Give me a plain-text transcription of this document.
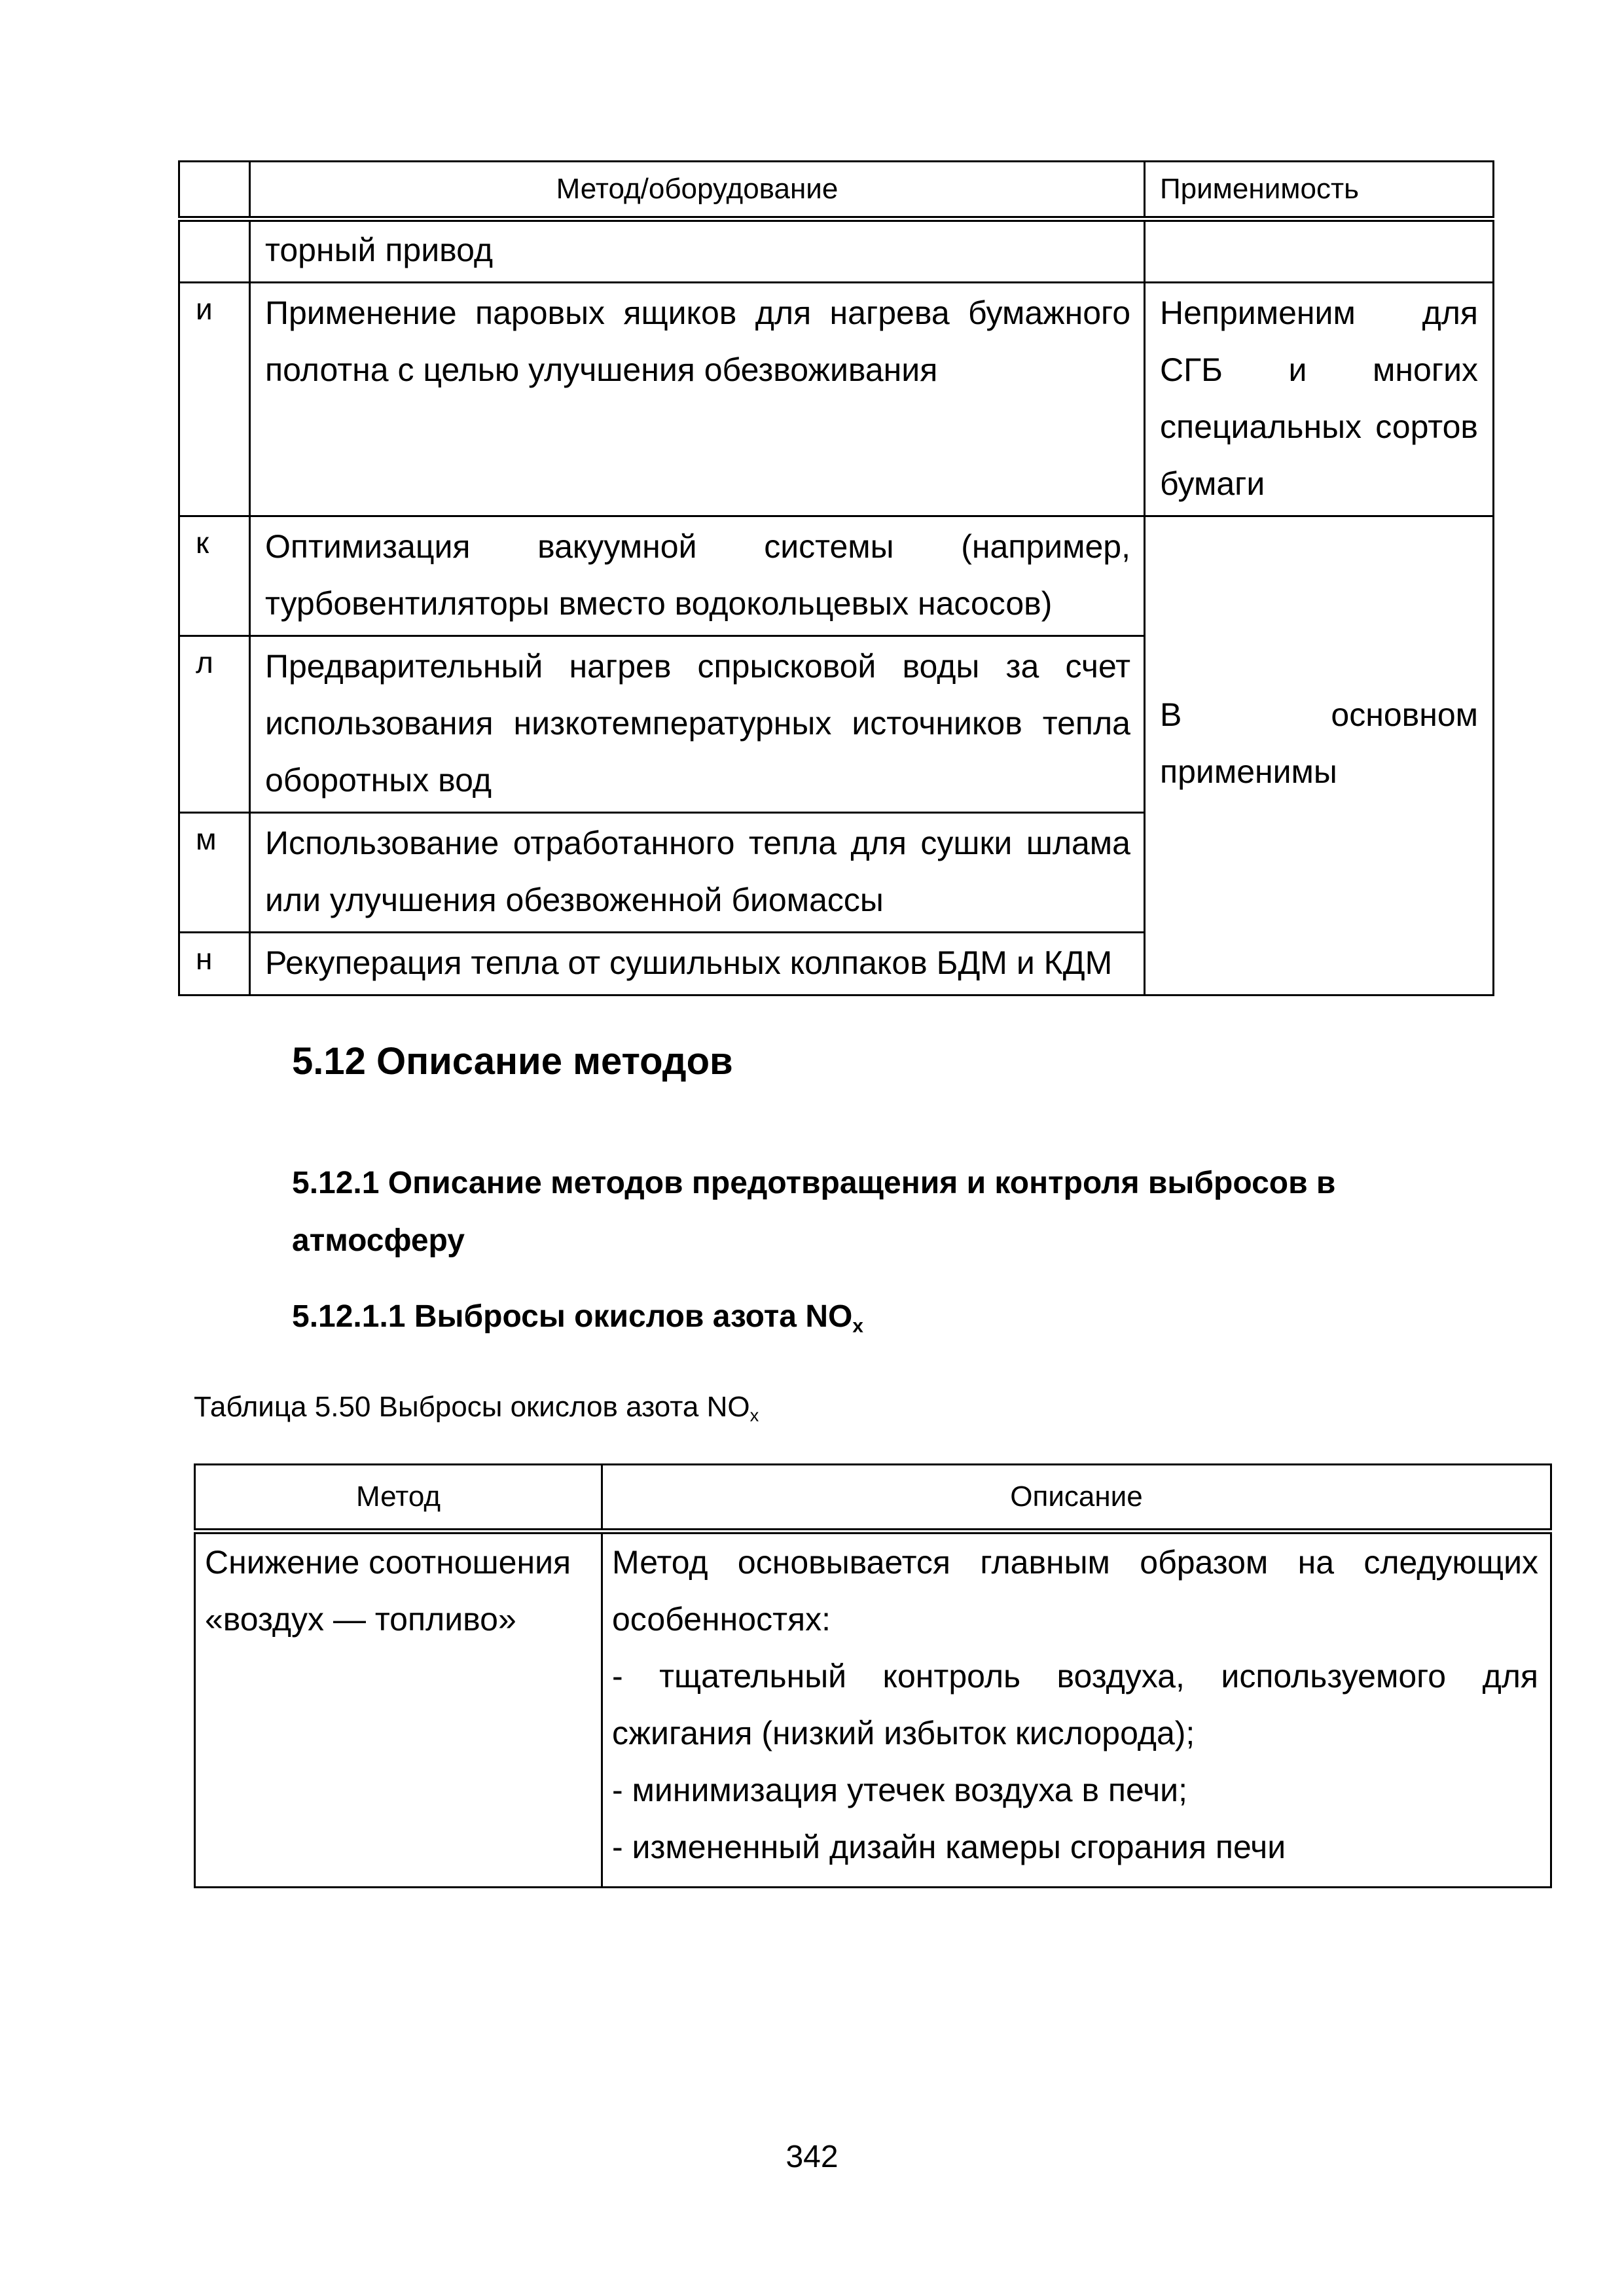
	Метод/оборудование	Применимость
	торный привод	
и	Применение паровых ящиков для нагрева бумажного полотна с целью улучшения обезвоживания	Неприменим для СГБ и многих специальных сортов бумаги
к	Оптимизация вакуумной системы (например, турбовентиляторы вместо водокольцевых насосов)	В основном применимы
л	Предварительный нагрев спрысковой воды за счет использования низкотемпературных источников тепла оборотных вод	
м	Использование отработанного тепла для сушки шлама или улучшения обезвоженной биомассы	
н	Рекуперация тепла от сушильных колпаков БДМ и КДМ	
5.12 Описание методов
5.12.1 Описание методов предотвращения и контроля выбросов в атмосферу
5.12.1.1 Выбросы окислов азота $NO_x$
Таблица 5.50 Выбросы окислов азота $NO_x$
Метод	Описание
Снижение соотношения «воздух — топливо»	Метод основывается главным образом на следующих особенностях:
- тщательный контроль воздуха, используемого для сжигания (низкий избыток кислорода);
- минимизация утечек воздуха в печи;
- измененный дизайн камеры сгорания печи
342
